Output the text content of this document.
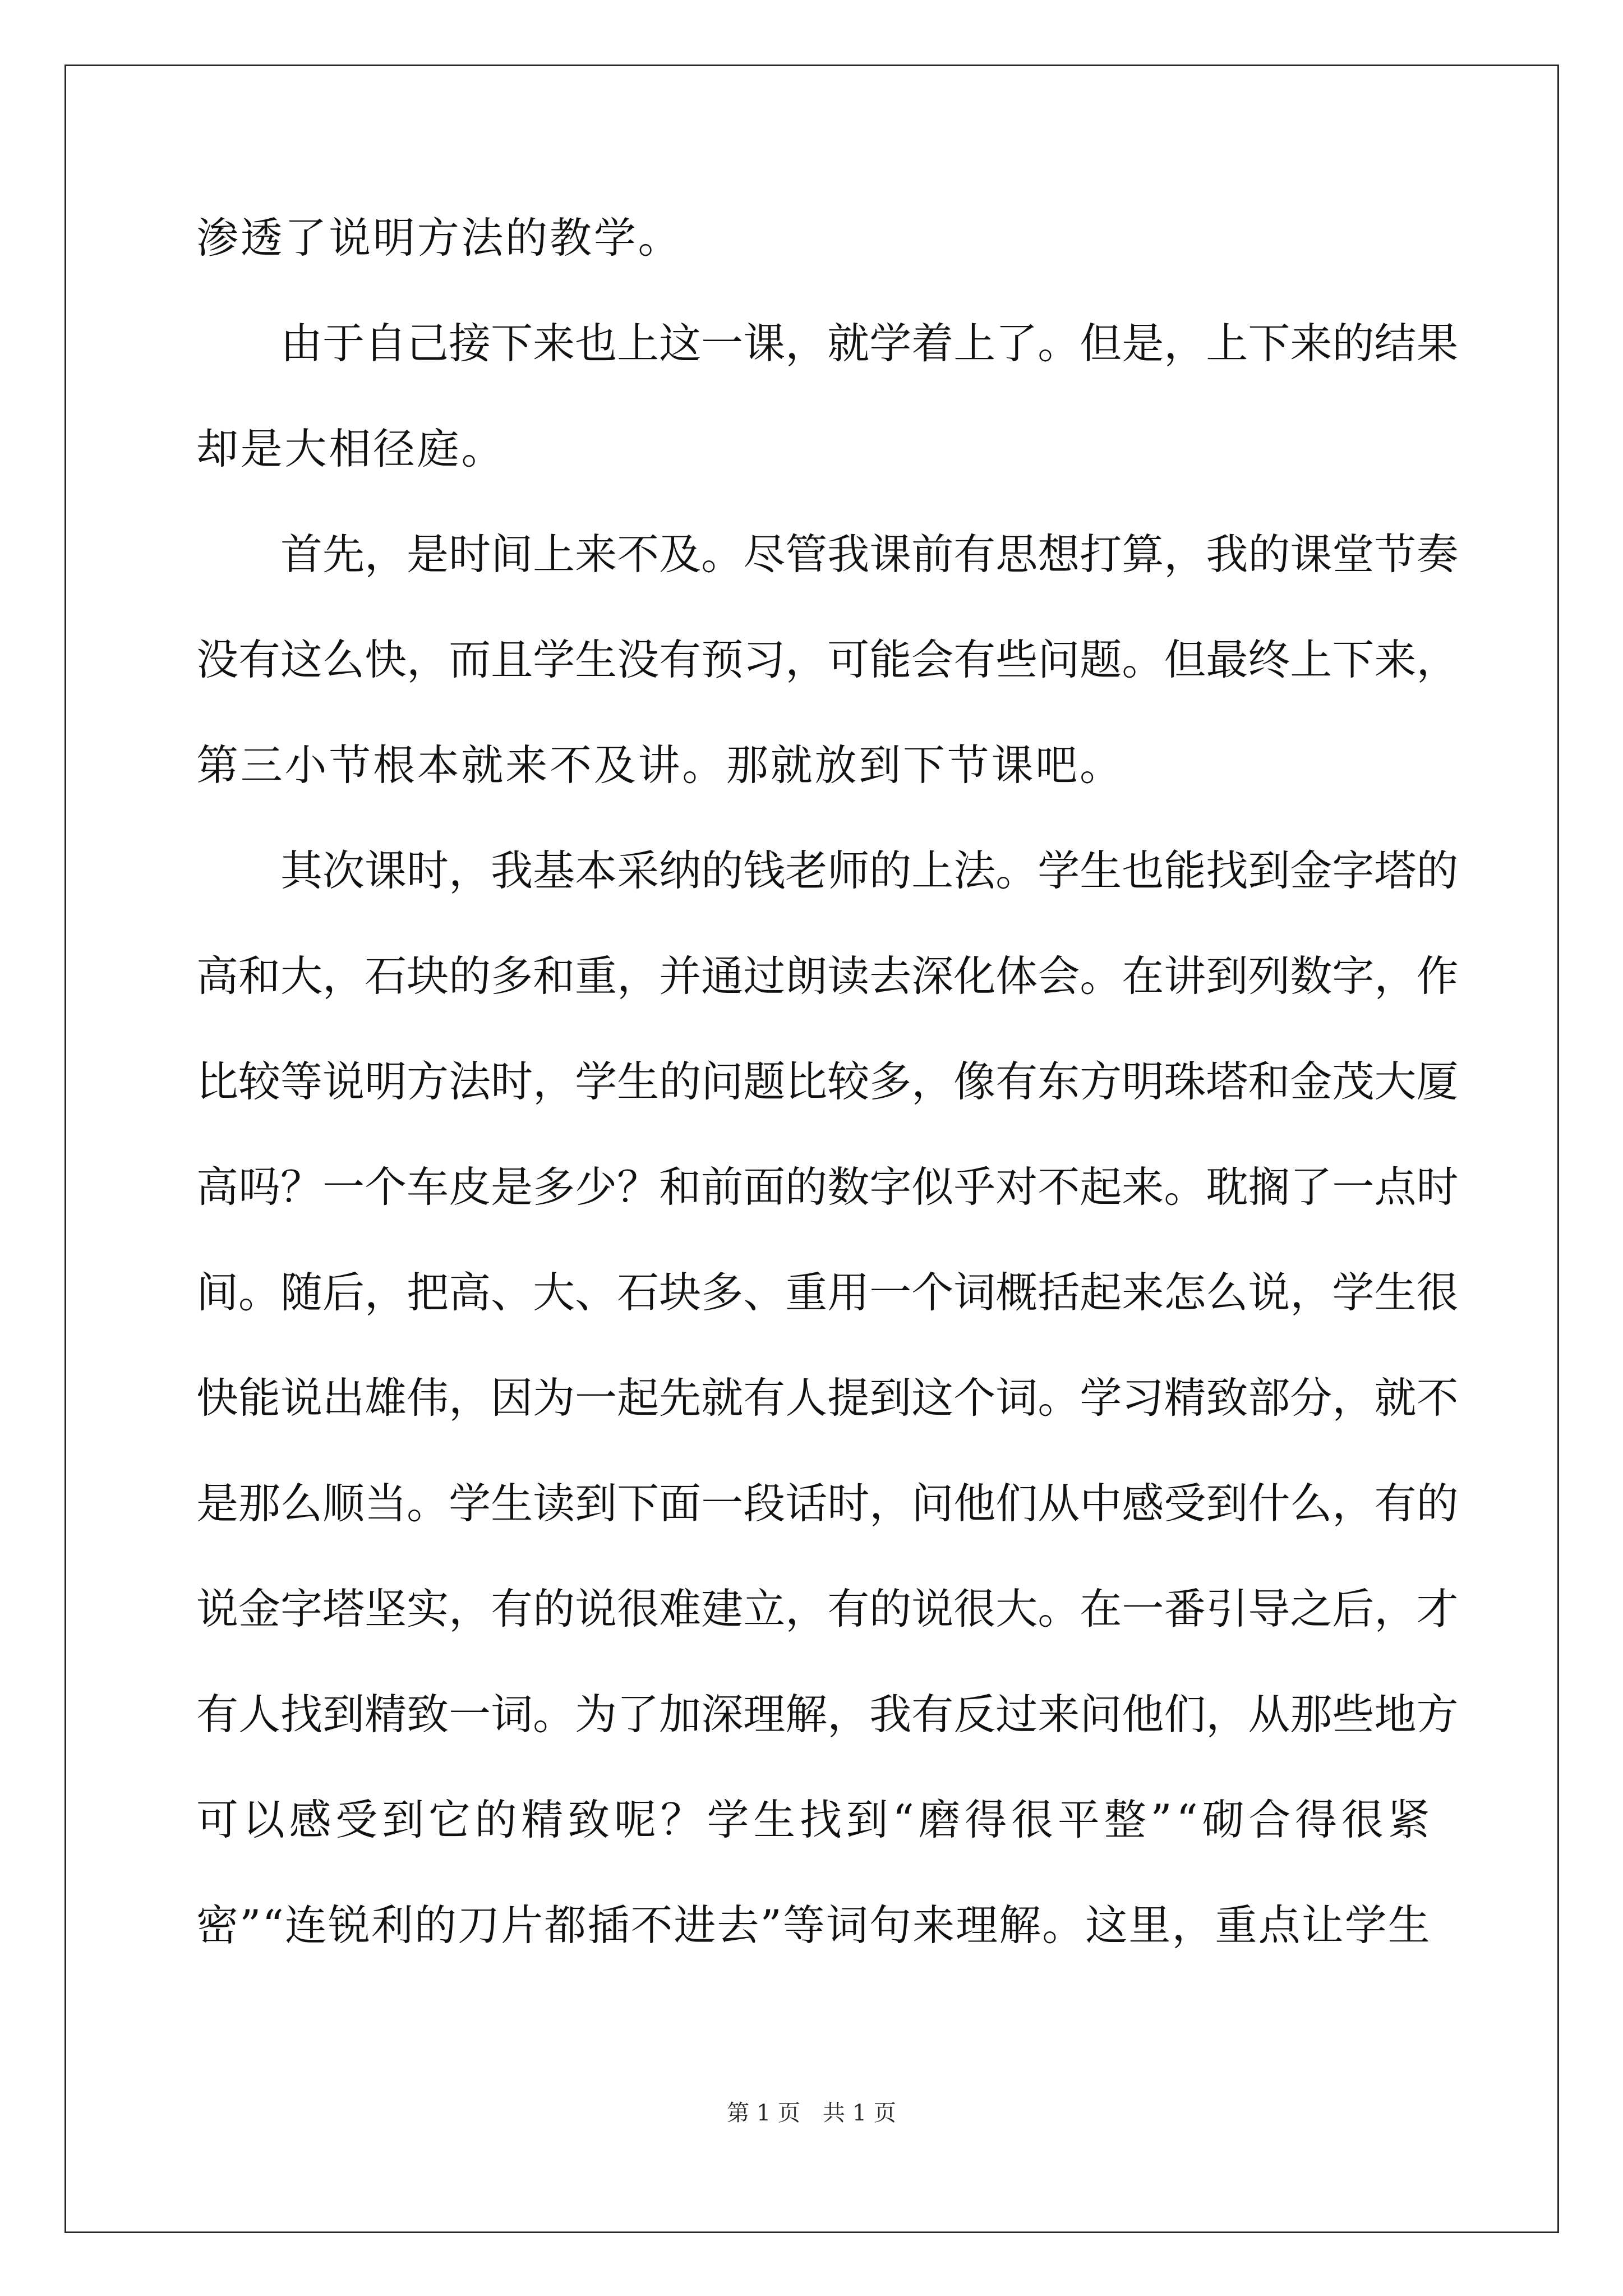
渗透了说明方法的教学。
由 于 自 己 接 下 来 也 上 这 一 课 ， 就 学 着 上 了 。 但 是 ， 上 下 来 的 结 果
却是大相径庭。
首 先 ， 是 时 间 上 来 不 及 。 尽 管 我 课 前 有 思 想 打 算 ， 我 的 课 堂 节 奏
没 有 这 么 快 ， 而 且 学 生 没 有 预 习 ， 可 能 会 有 些 问 题 。 但 最 终 上 下 来 ，
第三小节根本就来不及讲。那就放到下节课吧。
其 次 课 时 ， 我 基 本 采 纳 的 钱 老 师 的 上 法 。 学 生 也 能 找 到 金 字 塔 的
高 和 大 ， 石 块 的 多 和 重 ， 并 通 过 朗 读 去 深 化 体 会 。 在 讲 到 列 数 字 ， 作
比 较 等 说 明 方 法 时 ， 学 生 的 问 题 比 较 多 ， 像 有 东 方 明 珠 塔 和 金 茂 大 厦
高 吗 ？ 一 个 车 皮 是 多 少 ？ 和 前 面 的 数 字 似 乎 对 不 起 来 。 耽 搁 了 一 点 时
间 。 随 后 ， 把 高 、 大 、 石 块 多 、 重 用 一 个 词 概 括 起 来 怎 么 说 ， 学 生 很
快 能 说 出 雄 伟 ， 因 为 一 起 先 就 有 人 提 到 这 个 词 。 学 习 精 致 部 分 ， 就 不
是 那 么 顺 当 。 学 生 读 到 下 面 一 段 话 时 ， 问 他 们 从 中 感 受 到 什 么 ， 有 的
说 金 字 塔 坚 实 ， 有 的 说 很 难 建 立 ， 有 的 说 很 大 。 在 一 番 引 导 之 后 ， 才
有 人 找 到 精 致 一 词 。 为 了 加 深 理 解 ， 我 有 反 过 来 问 他 们 ， 从 那 些 地 方
可 以 感 受 到 它 的 精 致 呢 ？ 学 生 找 到 “ 磨 得 很 平 整 ” “ 砌 合 得 很 紧
密 ” “ 连 锐 利 的 刀 片 都 插 不 进 去 ” 等 词 句 来 理 解 。 这 里 ， 重 点 让 学 生
第 1 页　共 1 页
